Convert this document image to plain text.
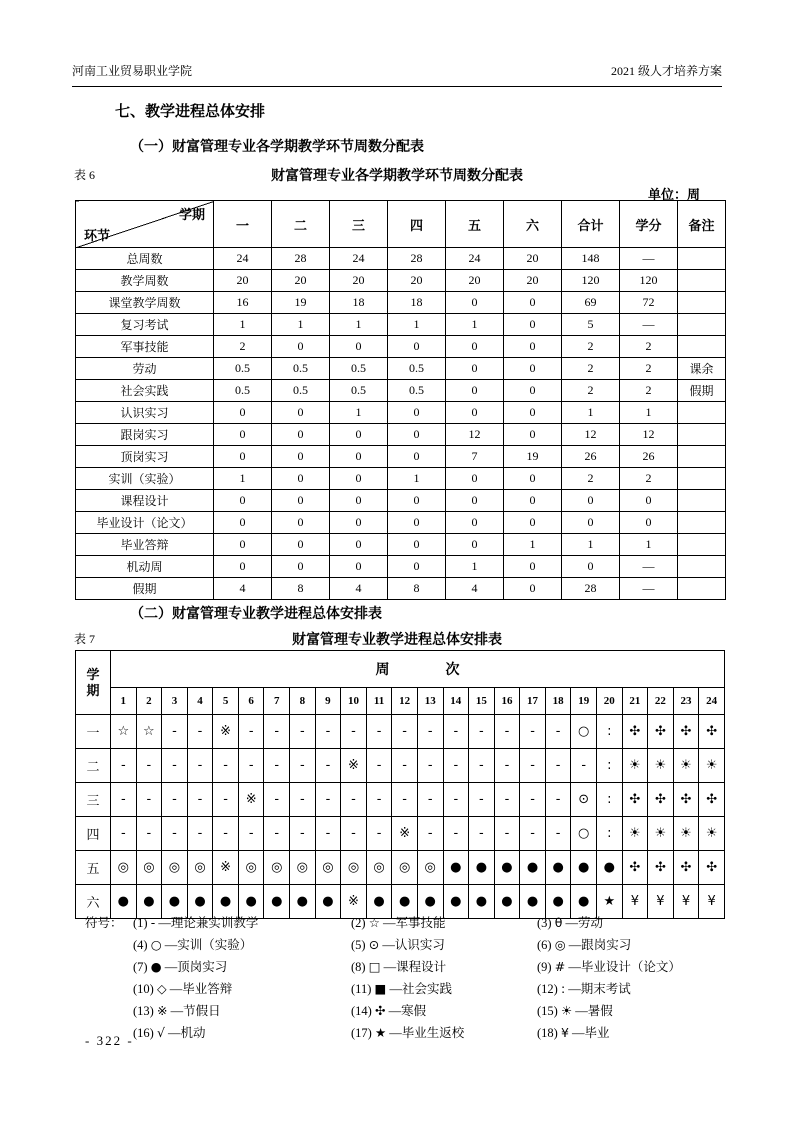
河南工业贸易职业学院	2021 级人才培养方案
七、教学进程总体安排
（一）财富管理专业各学期教学环节周数分配表
表 6	财富管理专业各学期教学环节周数分配表
单位：周
学期
环节	一	二	三	四	五	六	合计	学分	备注
总周数	24	28	24	28	24	20	148	—	
教学周数	20	20	20	20	20	20	120	120	
课堂教学周数	16	19	18	18	0	0	69	72	
复习考试	1	1	1	1	1	0	5	—	
军事技能	2	0	0	0	0	0	2	2	
劳动	0.5	0.5	0.5	0.5	0	0	2	2	课余
社会实践	0.5	0.5	0.5	0.5	0	0	2	2	假期
认识实习	0	0	1	0	0	0	1	1	
跟岗实习	0	0	0	0	12	0	12	12	
顶岗实习	0	0	0	0	7	19	26	26	
实训（实验）	1	0	0	1	0	0	2	2	
课程设计	0	0	0	0	0	0	0	0	
毕业设计（论文）	0	0	0	0	0	0	0	0	
毕业答辩	0	0	0	0	0	1	1	1	
机动周	0	0	0	0	1	0	0	—	
假期	4	8	4	8	4	0	28	—	
（二）财富管理专业教学进程总体安排表
表 7	财富管理专业教学进程总体安排表
学
期	周　　　　次																							
	1	2	3	4	5	6	7	8	9	10	11	12	13	14	15	16	17	18	19	20	21	22	23	24
一	☆	☆	-	-	※	-	-	-	-	-	-	-	-	-	-	-	-	-	○	:	✣	✣	✣	✣
二	-	-	-	-	-	-	-	-	-	※	-	-	-	-	-	-	-	-	-	:	☀	☀	☀	☀
三	-	-	-	-	-	※	-	-	-	-	-	-	-	-	-	-	-	-	⊙	:	✣	✣	✣	✣
四	-	-	-	-	-	-	-	-	-	-	-	※	-	-	-	-	-	-	○	:	☀	☀	☀	☀
五	◎	◎	◎	◎	※	◎	◎	◎	◎	◎	◎	◎	◎	●	●	●	●	●	●	●	✣	✣	✣	✣
六	●	●	●	●	●	●	●	●	●	※	●	●	●	●	●	●	●	●	●	★	¥	¥	¥	¥
符号： (1) - —理论兼实训教学	(2) ☆ —军事技能	(3) θ —劳动
(4) ○ —实训（实验）	(5) ⊙ —认识实习	(6) ◎ —跟岗实习
(7) ● —顶岗实习	(8) □ —课程设计	(9) # —毕业设计（论文）
(10) ◇ —毕业答辩	(11) ■ —社会实践	(12) : —期末考试
(13) ※ —节假日	(14) ✣ —寒假	(15) ☀ —暑假
(16) √ —机动	(17) ★ —毕业生返校	(18) ¥ —毕业
- 322 -
